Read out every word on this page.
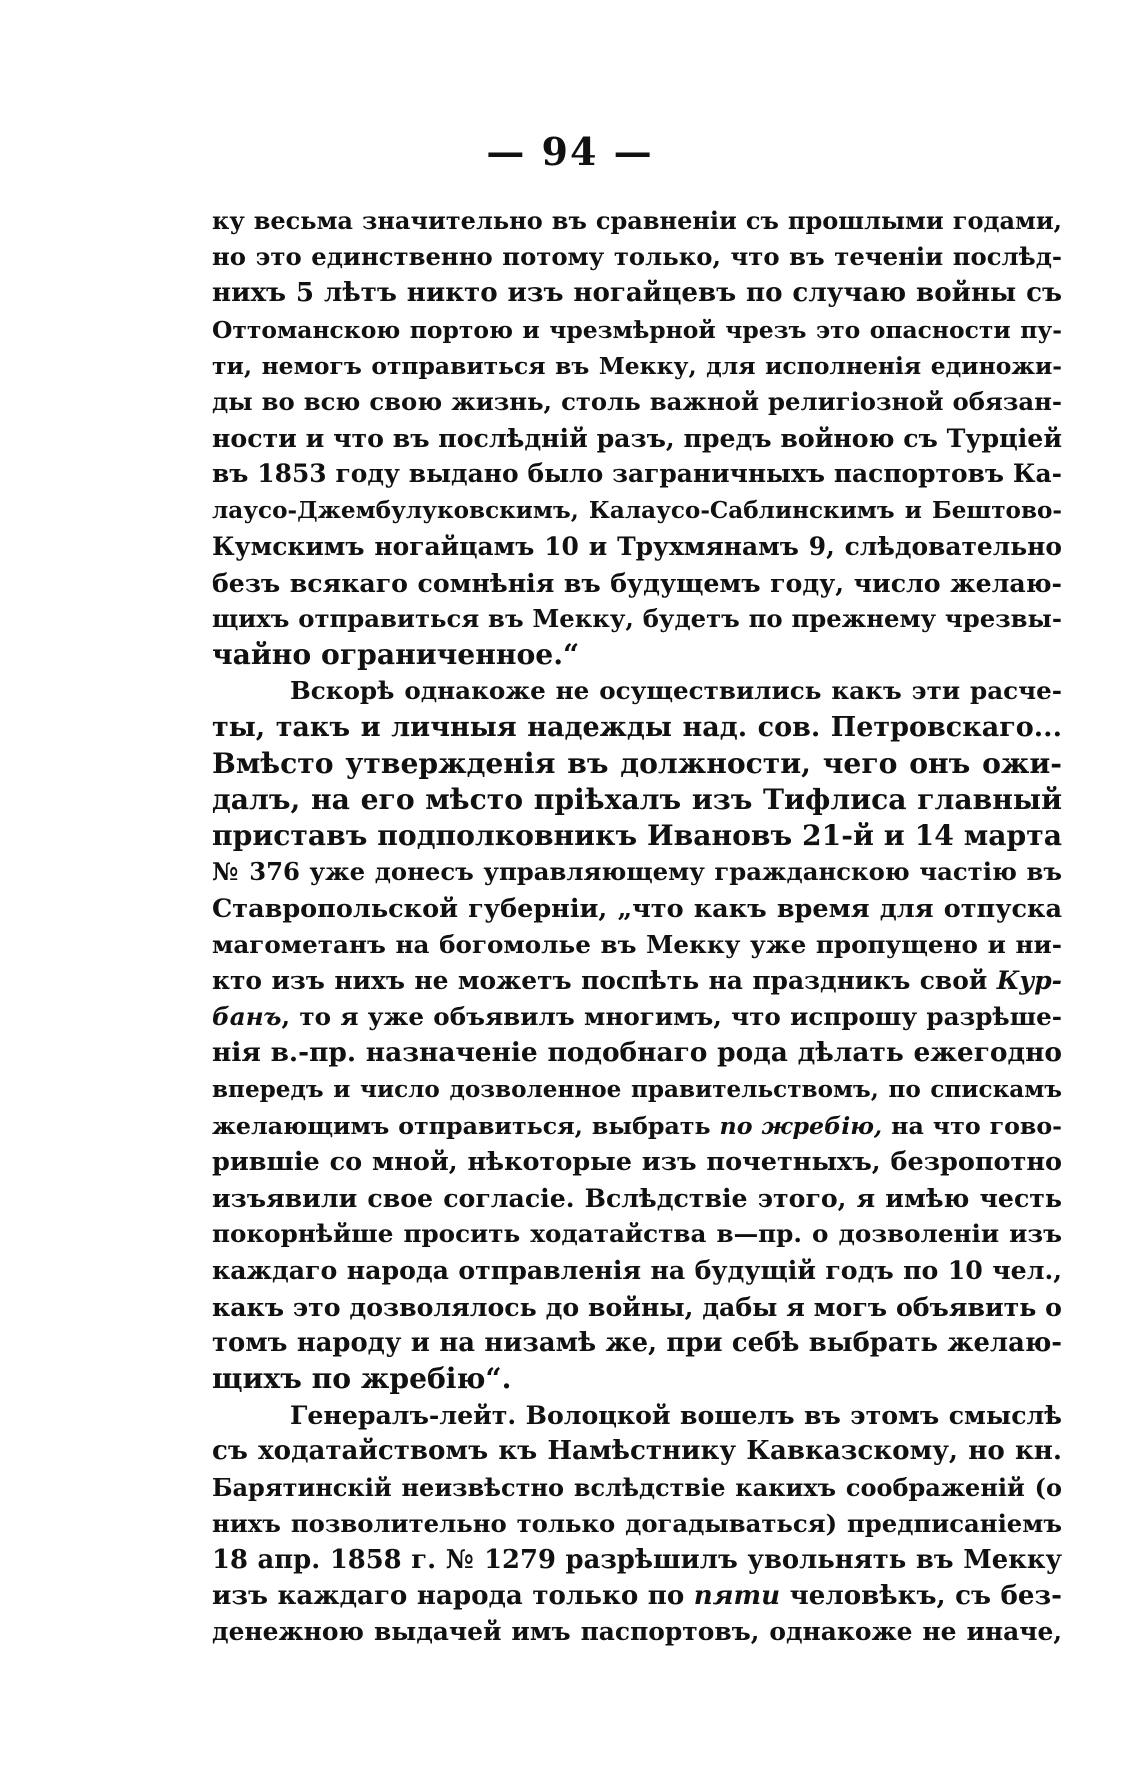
— 94 —
ку весьма значительно въ сравненіи съ прошлыми годами,
но это единственно потому только, что въ теченіи послѣд-
нихъ 5 лѣтъ никто изъ ногайцевъ по случаю войны съ
Оттоманскою портою и чрезмѣрной чрезъ это опасности пу-
ти, немогъ отправиться въ Мекку, для исполненія единожи-
ды во всю свою жизнь, столь важной религіозной обязан-
ности и что въ послѣдній разъ, предъ войною съ Турціей
въ 1853 году выдано было заграничныхъ паспортовъ Ка-
лаусо-Джембулуковскимъ, Калаусо-Саблинскимъ и Бештово-
Кумскимъ ногайцамъ 10 и Трухмянамъ 9, слѣдовательно
безъ всякаго сомнѣнія въ будущемъ году, число желаю-
щихъ отправиться въ Мекку, будетъ по прежнему чрезвы-
чайно ограниченное.“
Вскорѣ однакоже не осуществились какъ эти расче-
ты, такъ и личныя надежды над. сов. Петровскаго...
Вмѣсто утвержденія въ должности, чего онъ ожи-
далъ, на его мѣсто пріѣхалъ изъ Тифлиса главный
приставъ подполковникъ Ивановъ 21-й и 14 марта
№ 376 уже донесъ управляющему гражданскою частію въ
Ставропольской губерніи, „что какъ время для отпуска
магометанъ на богомолье въ Мекку уже пропущено и ни-
кто изъ нихъ не можетъ поспѣть на праздникъ свой Кур-
банъ, то я уже объявилъ многимъ, что испрошу разрѣше-
нія в.-пр. назначеніе подобнаго рода дѣлать ежегодно
впередъ и число дозволенное правительствомъ, по спискамъ
желающимъ отправиться, выбрать по жребію, на что гово-
рившіе со мной, нѣкоторые изъ почетныхъ, безропотно
изъявили свое согласіе. Вслѣдствіе этого, я имѣю честь
покорнѣйше просить ходатайства в—пр. о дозволеніи изъ
каждаго народа отправленія на будущій годъ по 10 чел.,
какъ это дозволялось до войны, дабы я могъ объявить о
томъ народу и на низамѣ же, при себѣ выбрать желаю-
щихъ по жребію“.
Генералъ-лейт. Волоцкой вошелъ въ этомъ смыслѣ
съ ходатайствомъ къ Намѣстнику Кавказскому, но кн.
Барятинскій неизвѣстно вслѣдствіе какихъ соображеній (о
нихъ позволительно только догадываться) предписаніемъ
18 апр. 1858 г. № 1279 разрѣшилъ увольнять въ Мекку
изъ каждаго народа только по пяти человѣкъ, съ без-
денежною выдачей имъ паспортовъ, однакоже не иначе,
